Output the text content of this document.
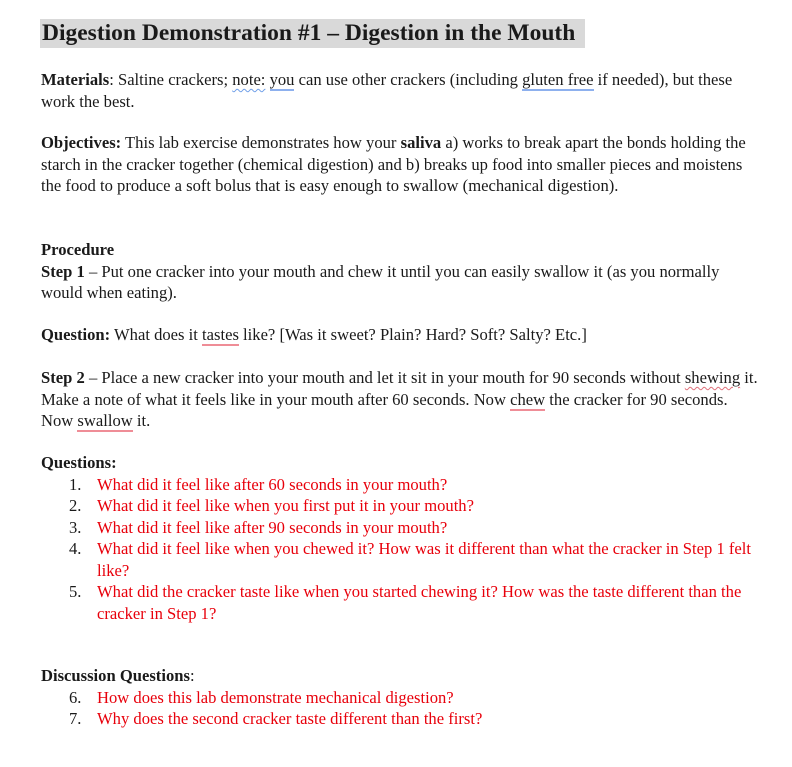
Digestion Demonstration #1 – Digestion in the Mouth

Materials: Saltine crackers; note: you can use other crackers (including gluten free if needed), but these work the best.

Objectives: This lab exercise demonstrates how your saliva a) works to break apart the bonds holding the starch in the cracker together (chemical digestion) and b) breaks up food into smaller pieces and moistens the food to produce a soft bolus that is easy enough to swallow (mechanical digestion).

Procedure
Step 1 – Put one cracker into your mouth and chew it until you can easily swallow it (as you normally would when eating).

Question: What does it tastes like? [Was it sweet? Plain? Hard? Soft? Salty? Etc.]

Step 2 – Place a new cracker into your mouth and let it sit in your mouth for 90 seconds without shewing it. Make a note of what it feels like in your mouth after 60 seconds. Now chew the cracker for 90 seconds. Now swallow it.

Questions:
1. What did it feel like after 60 seconds in your mouth?
2. What did it feel like when you first put it in your mouth?
3. What did it feel like after 90 seconds in your mouth?
4. What did it feel like when you chewed it? How was it different than what the cracker in Step 1 felt like?
5. What did the cracker taste like when you started chewing it? How was the taste different than the cracker in Step 1?
Discussion Questions:
6. How does this lab demonstrate mechanical digestion?
7. Why does the second cracker taste different than the first?
